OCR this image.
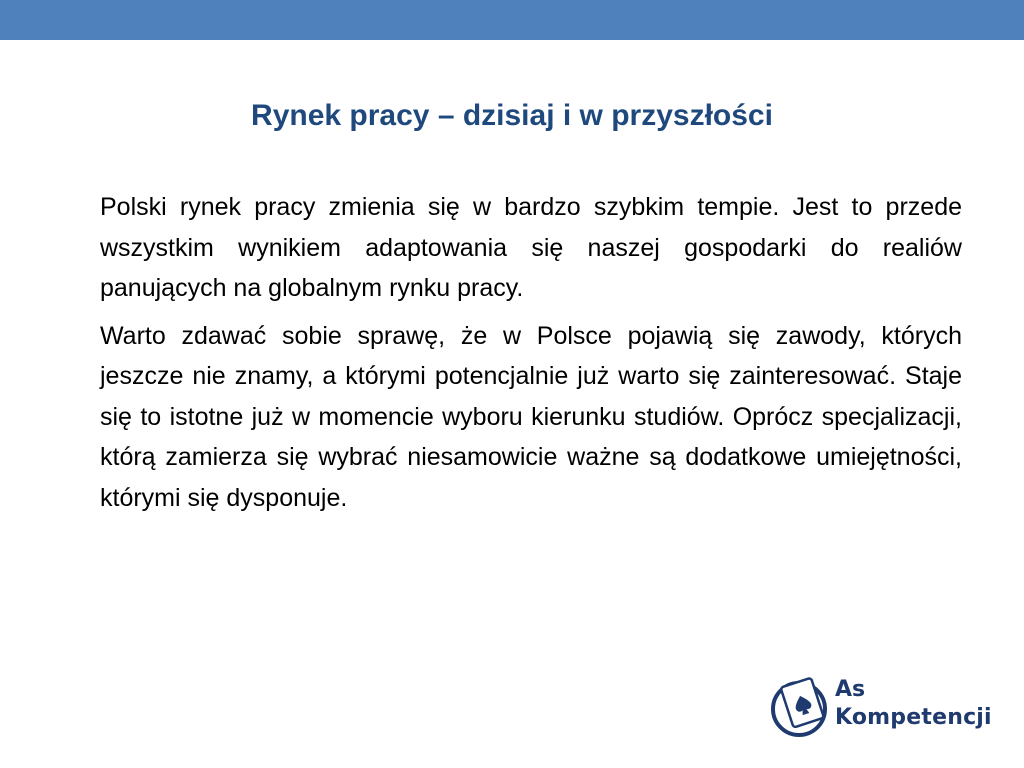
Rynek pracy – dzisiaj i w przyszłości

Polski rynek pracy zmienia się w bardzo szybkim tempie. Jest to przede wszystkim wynikiem adaptowania się naszej gospodarki do realiów panujących na globalnym rynku pracy.

Warto zdawać sobie sprawę, że w Polsce pojawią się zawody, których jeszcze nie znamy, a którymi potencjalnie już warto się zainteresować. Staje się to istotne już w momencie wyboru kierunku studiów. Oprócz specjalizacji, którą zamierza się wybrać niesamowicie ważne są dodatkowe umiejętności, którymi się dysponuje.

As
Kompetencji
